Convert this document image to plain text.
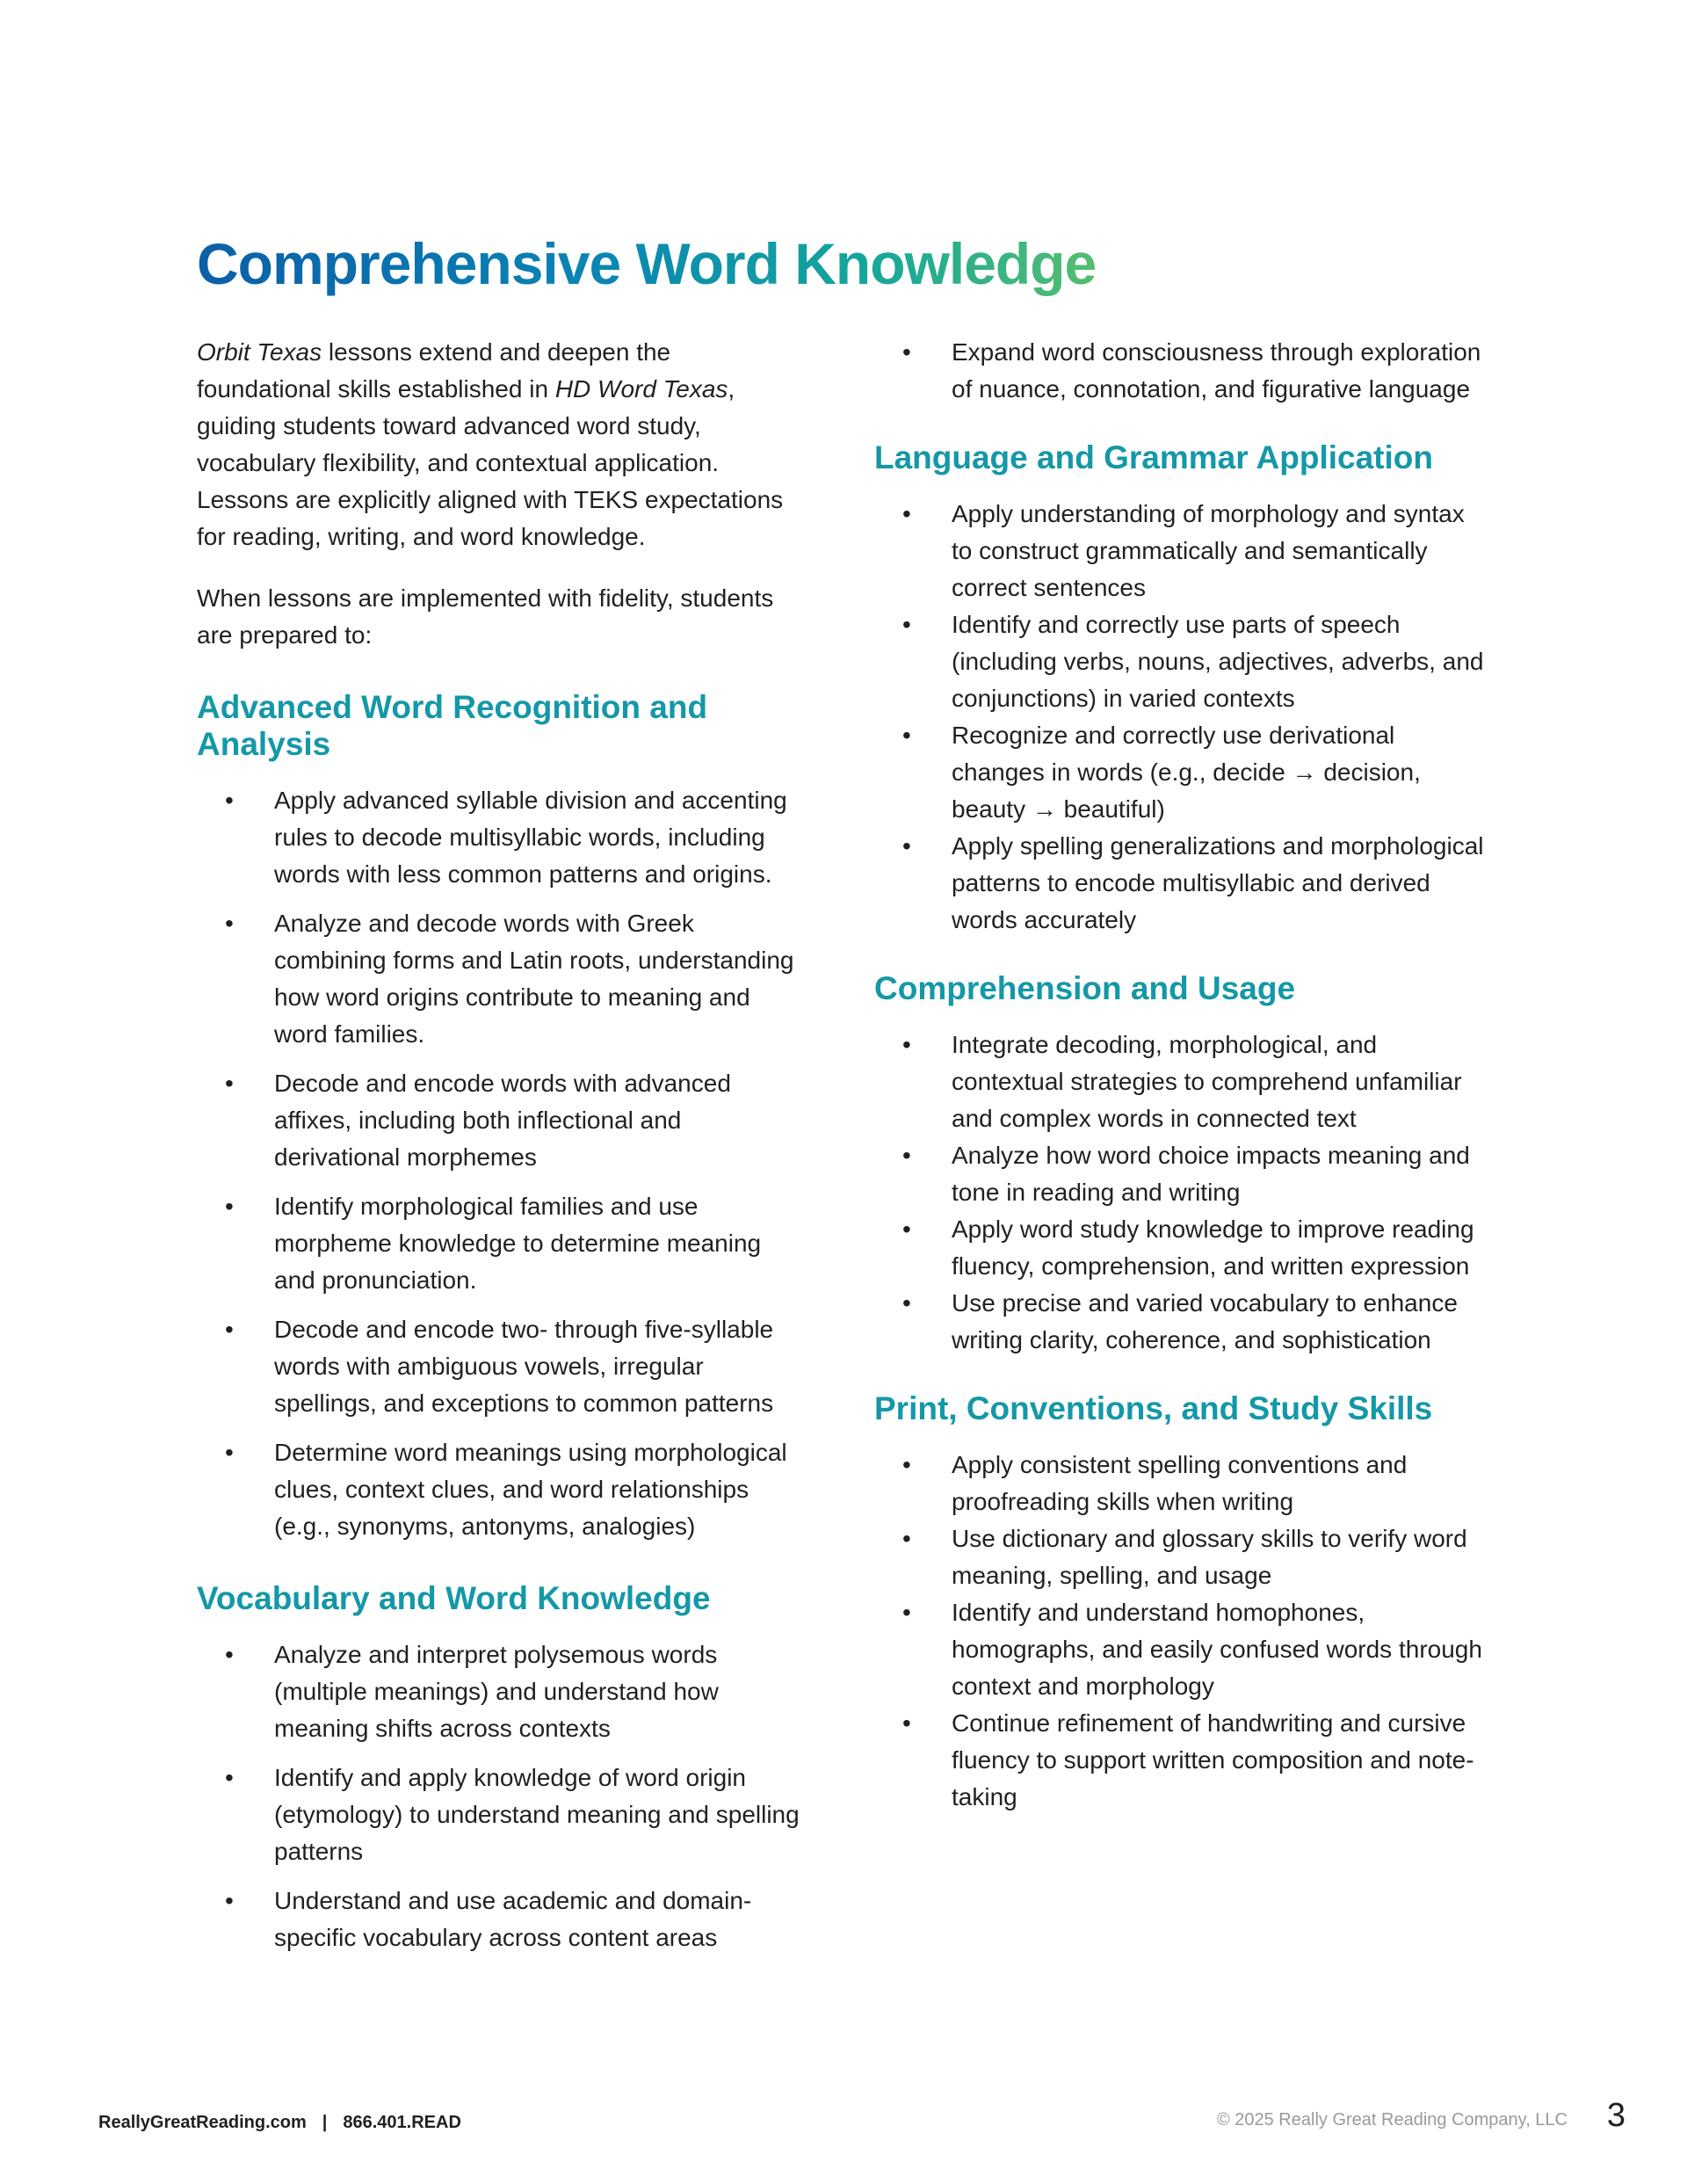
Comprehensive Word Knowledge

Orbit Texas lessons extend and deepen the foundational skills established in HD Word Texas, guiding students toward advanced word study, vocabulary flexibility, and contextual application. Lessons are explicitly aligned with TEKS expectations for reading, writing, and word knowledge.

When lessons are implemented with fidelity, students are prepared to:

Advanced Word Recognition and Analysis
• Apply advanced syllable division and accenting rules to decode multisyllabic words, including words with less common patterns and origins.
• Analyze and decode words with Greek combining forms and Latin roots, understanding how word origins contribute to meaning and word families.
• Decode and encode words with advanced affixes, including both inflectional and derivational morphemes
• Identify morphological families and use morpheme knowledge to determine meaning and pronunciation.
• Decode and encode two- through five-syllable words with ambiguous vowels, irregular spellings, and exceptions to common patterns
• Determine word meanings using morphological clues, context clues, and word relationships (e.g., synonyms, antonyms, analogies)
Vocabulary and Word Knowledge
• Analyze and interpret polysemous words (multiple meanings) and understand how meaning shifts across contexts
• Identify and apply knowledge of word origin (etymology) to understand meaning and spelling patterns
• Understand and use academic and domain-specific vocabulary across content areas
• Expand word consciousness through exploration of nuance, connotation, and figurative language
Language and Grammar Application
• Apply understanding of morphology and syntax to construct grammatically and semantically correct sentences
• Identify and correctly use parts of speech (including verbs, nouns, adjectives, adverbs, and conjunctions) in varied contexts
• Recognize and correctly use derivational changes in words (e.g., decide → decision, beauty → beautiful)
• Apply spelling generalizations and morphological patterns to encode multisyllabic and derived words accurately
Comprehension and Usage
• Integrate decoding, morphological, and contextual strategies to comprehend unfamiliar and complex words in connected text
• Analyze how word choice impacts meaning and tone in reading and writing
• Apply word study knowledge to improve reading fluency, comprehension, and written expression
• Use precise and varied vocabulary to enhance writing clarity, coherence, and sophistication
Print, Conventions, and Study Skills
• Apply consistent spelling conventions and proofreading skills when writing
• Use dictionary and glossary skills to verify word meaning, spelling, and usage
• Identify and understand homophones, homographs, and easily confused words through context and morphology
• Continue refinement of handwriting and cursive fluency to support written composition and note-taking
ReallyGreatReading.com | 866.401.READ	© 2025 Really Great Reading Company, LLC 3
